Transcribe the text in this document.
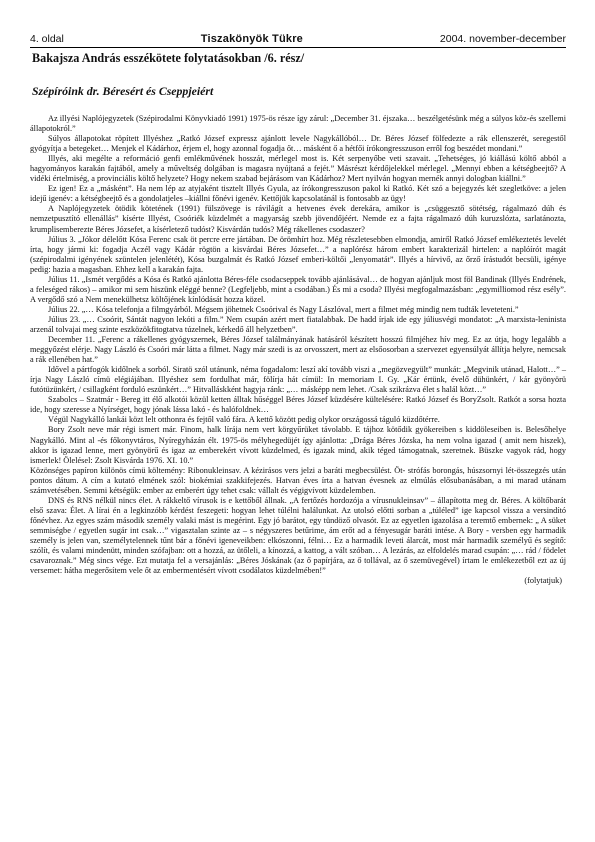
4. oldal	Tiszakönyök Tükre	2004. november-december
Bakajsza András esszékötete folytatásokban /6. rész/
Szépíróink dr. Béresért és Cseppjeiért

Az illyési Naplójegyzetek (Szépirodalmi Könyvkiadó 1991) 1975-ös része így zárul: „December 31. éjszaka… beszélgetésünk még a súlyos köz-és szellemi állapotokról.”

Súlyos állapotokat röpített Illyéshez „Ratkó József expressz ajánlott levele Nagykállóból… Dr. Béres József fölfedezte a rák ellenszerét, seregestől gyógyítja a betegeket… Menjek el Kádárhoz, érjem el, hogy azonnal fogadja őt… másként ő a hétfői írókongresszuson erről fog beszédet mondani.”

Illyés, aki megélte a reformáció genfi emlékművének hosszát, mérlegel most is. Két serpenyőbe veti szavait. „Tehetséges, jó kiállású költő abból a hagyományos karakán fajtából, amely a műveltség dolgában is magasra nyújtaná a fejét.” Másrészt kérdőjelekkel mérlegel. „Mennyi ebben a kétségbeejtő? A vidéki értelmiség, a provinciális költő helyzete? Hogy nekem szabad bejárásom van Kádárhoz? Mert nyilván hogyan mernék annyi dologban kiállni.”

Ez igen! Ez a „másként”. Ha nem lép az atyjaként tisztelt Illyés Gyula, az írókongresszuson pakol ki Ratkó. Két szó a bejegyzés két szegletköve: a jelen idejű igenév: a kétségbeejtő és a gondolatjeles –kiállni főnévi igenév. Kettőjük kapcsolatánál is fontosabb az ügy!

A Naplójegyzetek ötödik kötetének (1991) fülszövege is rávilágít a hetvenes évek derekára, amikor is „csüggesztő sötétség, rágalmazó dúh és nemzetpusztító ellenállás” kísérte Illyést, Csoóriék küzdelmét a magyarság szebb jövendőjéért. Nemde ez a fajta rágalmazó dúh kuruzslózta, sarlatánozta, krumplisemberezte Béres Józsefet, a kísérletező tudóst? Kisvárdán tudós? Még rákellenes csodaszer?

Július 3. „Jókor délelőtt Kósa Ferenc csak öt percre erre jártában. De örömhírt hoz. Még részletesebben elmondja, amiről Ratkó József emlékeztetés levelét írta, hogy jármi ki: fogadja Aczél vagy Kádár rögtön a kisvárdai Béres Józsefet…” a naplórész három embert karakterizál hirtelen: a naplóírót magát (szépirodalmi igényének szüntelen jelenlétét), Kósa buzgalmát és Ratkó József emberi-költői „lenyomatát”. Illyés a hírvivő, az őrző írástudót becsüli, igénye pedig: hazia a magasban. Ehhez kell a karakán fajta.

Július 11. „Ismét vergődés a Kósa és Ratkó ajánlotta Béres-féle csodacseppek tovább ajánlásával… de hogyan ajánljuk most föl Bandinak (Illyés Endrének, a feleséged rákos) – amikor mi sem hiszünk eléggé benne? (Legfeljebb, mint a csodában.) És mi a csoda? Illyési megfogalmazásban: „egymilliomod rész esély”. A vergődő szó a Nem menekülhetsz költőjének kínlódását hozza közel.

Július 22. „… Kósa telefonja a filmgyárból. Mégsem jöhetnek Csoórival és Nagy Lászlóval, mert a filmet még mindig nem tudták leveteteni.”

Július 23. „… Csoórit, Sántát nagyon lekóti a film.” Nem csupán azért mert fiatalabbak. De hadd írjak ide egy júliusvégi mondatot: „A marxista-leninista arzenál tolvajai meg szinte eszközökfitogtatva túzelnek, kérkedő áll helyzetben”.

December 11. „Ferenc a rákellenes gyógyszernek, Béres József találmányának hatásáról készített hosszú filmjéhez hív meg. Ez az útja, hogy legalább a meggyőzést elérje. Nagy László és Csoóri már látta a filmet. Nagy már szedi is az orvosszert, mert az elsőosorban a szervezet egyensúlyát állítja helyre, nemcsak a rák ellenében hat.”

Idővel a pártfogók kidőlnek a sorból. Siratö szól utánunk, néma fogadalom: leszí akí tovább viszi a „megözvegyült” munkát: „Megvinik utánad, Halott…” – írja Nagy László címü elégiájában. Illyéshez sem fordulhat már, fölírja hát címül: In memoriam I. Gy. „Kár értünk, évelő dühünkért, / kár gyönyörü futótüzünkért, / csillagként forduló eszünkért…” Hitvalláskként hagyja ránk: „… másképp nem lehet. /Csak szikrázva élet s halál közt…”

Szabolcs – Szatmár - Bereg itt élő alkotói közül ketten álltak hűséggel Béres József küzdésére kültelésére: Ratkó József és BoryZsolt. Ratkót a sorsa hozta ide, hogy szeresse a Nyírséget, hogy jónak lássa lakó - és halófoldnek…

Végül Nagykálló lankái közt lelt otthonra és fejtől való fára. A kettő között pedig olykor országossá táguló küzdőtérre.

Bory Zsolt neve már régi ismert már. Finom, halk lírája nem vert körgyűrüket távolabb. E tájhoz kötődik gyökereiben s kiddöleseiben is. Belesőhelye Nagykálló. Mint al -és főkonyvtáros, Nyíregyházán élt. 1975-ös mélyhegedüjét így ajánlotta: „Drága Béres Józska, ha nem volna igazad ( amit nem hiszek), akkor is igazad lenne, mert gyönyörű és igaz az emberekért vívott küzdelmed, és igazak mind, akik téged támogatnak, szeretnek. Büszke vagyok rád, hogy ismerlek! Ölelésel: Zsolt Kisvárda 1976. XI. 10.”

Közönséges papíron különös címü költemény: Ribonukleinsav. A kézirásos vers jelzi a baráti megbecsülést. Öt- strófás borongás, húszsornyi lét-összegzés után pontos dátum. A cím a kutató elmének szól: biokémiai szakkifejezés. Hatvan éves írta a hatvan évesnek az elmúlás elősubanásában, a mi marad utánam számvetésében. Semmi kétségük: ember az emberért úgy tehet csak: vállalt és végigvívott küzdelemben.

DNS és RNS nélkül nincs élet. A rákkeltő vírusok is e kettőből állnak. „A fertőzés hordozója a vírusnukleinsav” – állapította meg dr. Béres. A költőbarát első szava: Élet. A lírai én a legkinzóbb kérdést feszegeti: hogyan lehet túlélni halálunkat. Az utolsó előtti sorban a „túléled” ige kapcsol vissza a versindító főnévhez. Az egyes szám második személy valaki mást is megérint. Egy jó barátot, egy tündöző olvasót. Ez az egyetlen igazolása a teremtő embernek: „ A süket semmiségbe / egyetlen sugár int csak…” vigasztalan szinte az – s négyszeres betűrime, ám erőt ad a fényesugár baráti intése. A Bory - versben egy harmadik személy is jelen van, személytelennek tűnt bár a főnévi igeneveikben: elkószonni, félni… Ez a harmadik leveti álarcát, most már harmadik személyű és segítő: szólít, és valami mindenütt, minden szófajban: ott a hozzá, az ütőleli, a kínozzá, a kattog, a vált szóban… A lezárás, az elfoldelés marad csupán: „… rád / födelet csavaroznak.” Még sincs vége. Ezt mutatja fel a versajánlás: „Béres Jóskának (az ő papírjára, az ő tollával, az ő szemüvegével) írtam le emlékezetből ezt az új versemet: hátha megerősítem vele őt az embermentésért vívott csodálatos küzdelmében!”

(folytatjuk)
